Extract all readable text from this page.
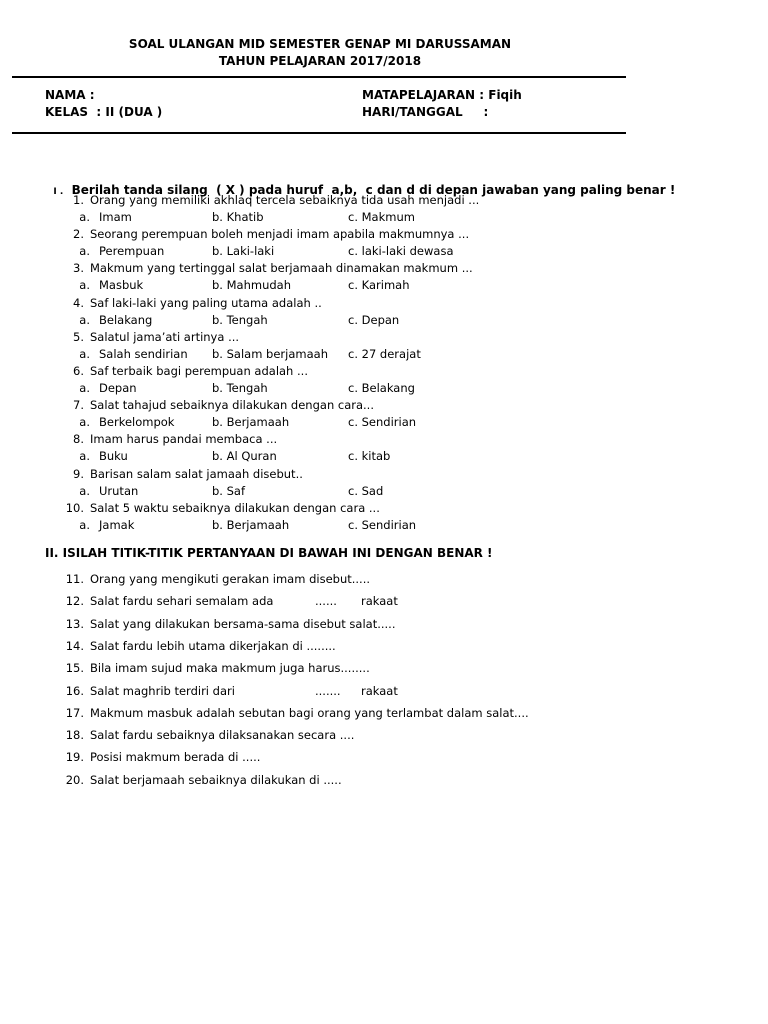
SOAL ULANGAN MID SEMESTER GENAP MI DARUSSAMAN
TAHUN PELAJARAN 2017/2018
NAMA :
KELAS  : II (DUA )
MATAPELAJARAN : Fiqih
HARI/TANGGAL     :

I . Berilah tanda silang  ( X ) pada huruf  a,b,  c dan d di depan jawaban yang paling benar !

1. Orang yang memiliki akhlaq tercela sebaiknya tida usah menjadi ...
a. Imam	b. Khatib	c. Makmum
2. Seorang perempuan boleh menjadi imam apabila makmumnya ...
a. Perempuan	b. Laki-laki	c. laki-laki dewasa
3. Makmum yang tertinggal salat berjamaah dinamakan makmum ...
a. Masbuk	b. Mahmudah	c. Karimah
4. Saf laki-laki yang paling utama adalah ..
a. Belakang	b. Tengah	c. Depan
5. Salatul jama’ati artinya ...
a. Salah sendirian b. Salam berjamaah c. 27 derajat
6. Saf terbaik bagi perempuan adalah ...
a. Depan	b. Tengah	c. Belakang
7. Salat tahajud sebaiknya dilakukan dengan cara...
a. Berkelompok	b. Berjamaah	c. Sendirian
8. Imam harus pandai membaca ...
a. Buku	b. Al Quran	c. kitab
9. Barisan salam salat jamaah disebut..
a. Urutan	b. Saf	c. Sad
10. Salat 5 waktu sebaiknya dilakukan dengan cara ...
a. Jamak	b. Berjamaah	c. Sendirian
II. ISILAH TITIK-TITIK PERTANYAAN DI BAWAH INI DENGAN BENAR !
11. Orang yang mengikuti gerakan imam disebut.....
12. Salat fardu sehari semalam ada	...... rakaat
13. Salat yang dilakukan bersama-sama disebut salat.....
14. Salat fardu lebih utama dikerjakan di ........
15. Bila imam sujud maka makmum juga harus........
16. Salat maghrib terdiri dari	....... rakaat
17. Makmum masbuk adalah sebutan bagi orang yang terlambat dalam salat....
18. Salat fardu sebaiknya dilaksanakan secara ....
19. Posisi makmum berada di .....
20. Salat berjamaah sebaiknya dilakukan di .....
